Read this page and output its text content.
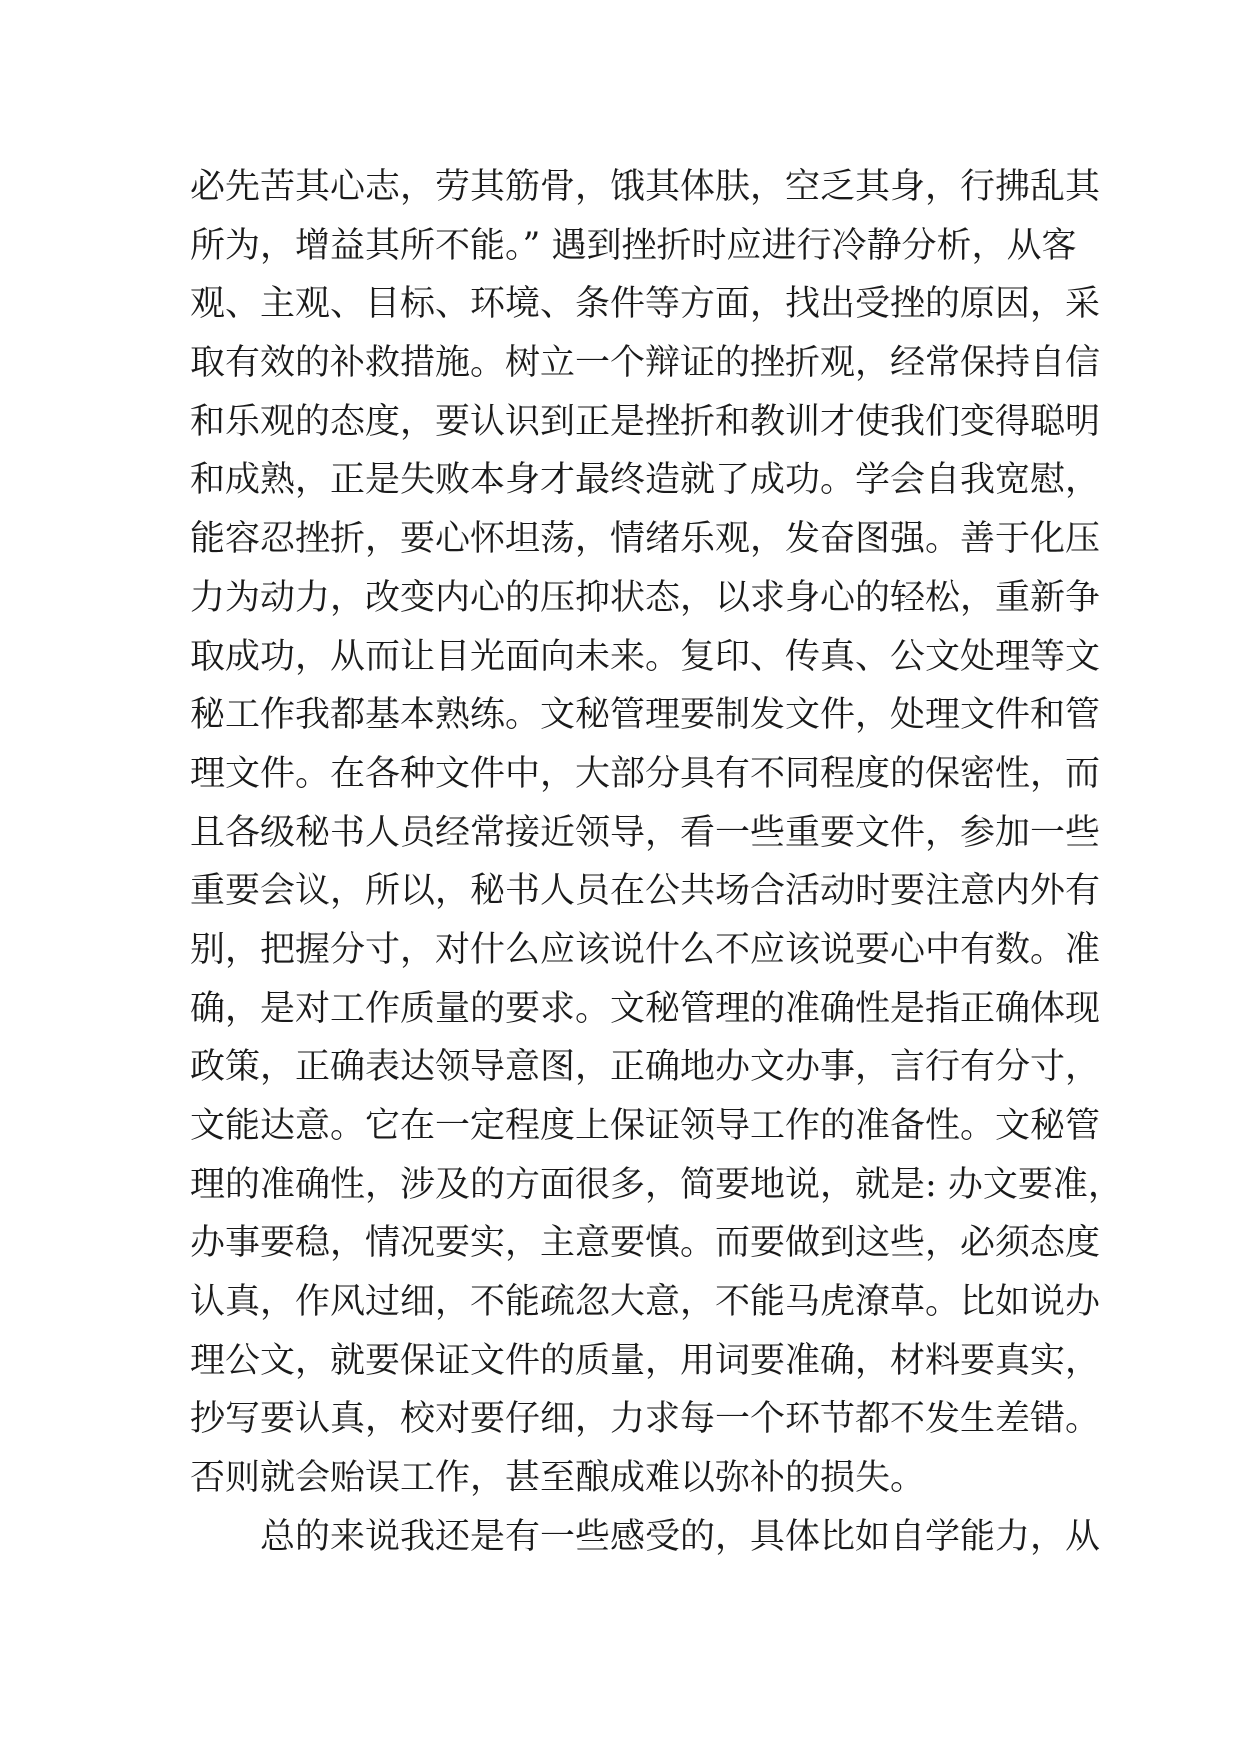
必先苦其心志，劳其筋骨，饿其体肤，空乏其身，行拂乱其
所为，增益其所不能。” 遇到挫折时应进行冷静分析，从客
观、主观、目标、环境、条件等方面，找出受挫的原因，采
取有效的补救措施。树立一个辩证的挫折观，经常保持自信
和乐观的态度，要认识到正是挫折和教训才使我们变得聪明
和成熟，正是失败本身才最终造就了成功。学会自我宽慰，
能容忍挫折，要心怀坦荡，情绪乐观，发奋图强。善于化压
力为动力，改变内心的压抑状态，以求身心的轻松，重新争
取成功，从而让目光面向未来。复印、传真、公文处理等文
秘工作我都基本熟练。文秘管理要制发文件，处理文件和管
理文件。在各种文件中，大部分具有不同程度的保密性，而
且各级秘书人员经常接近领导，看一些重要文件，参加一些
重要会议，所以，秘书人员在公共场合活动时要注意内外有
别，把握分寸，对什么应该说什么不应该说要心中有数。准
确，是对工作质量的要求。文秘管理的准确性是指正确体现
政策，正确表达领导意图，正确地办文办事，言行有分寸，
文能达意。它在一定程度上保证领导工作的准备性。文秘管
理的准确性，涉及的方面很多，简要地说，就是: 办文要准，
办事要稳，情况要实，主意要慎。而要做到这些，必须态度
认真，作风过细，不能疏忽大意，不能马虎潦草。比如说办
理公文，就要保证文件的质量，用词要准确，材料要真实，
抄写要认真，校对要仔细，力求每一个环节都不发生差错。
否则就会贻误工作，甚至酿成难以弥补的损失。
总的来说我还是有一些感受的，具体比如自学能力，从
